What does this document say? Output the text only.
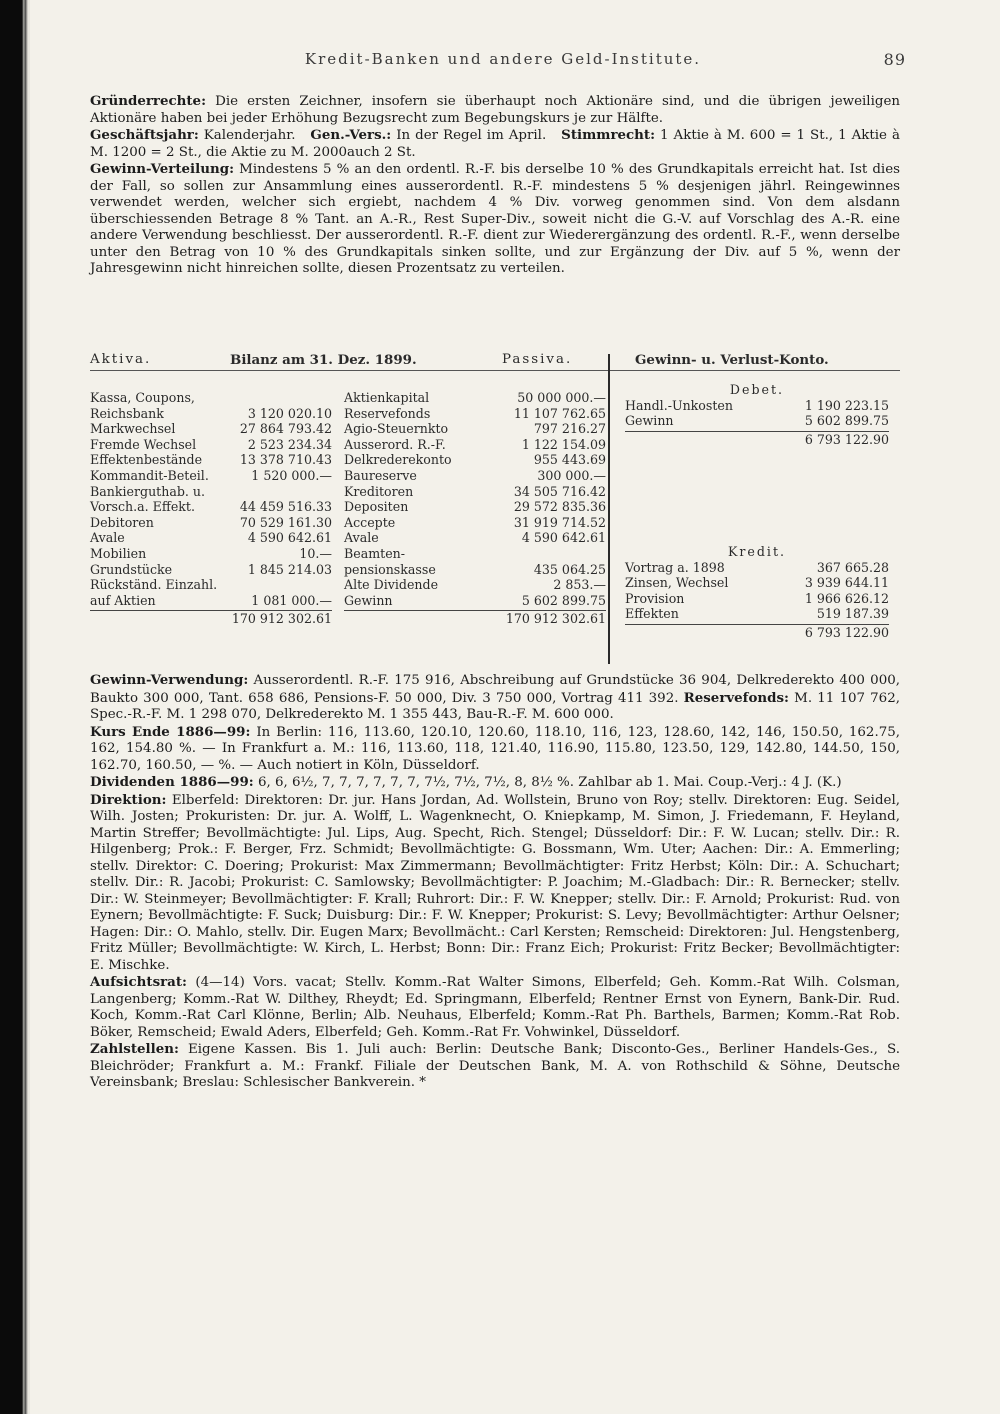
Kredit-Banken und andere Geld-Institute.	89

Gründerrechte: Die ersten Zeichner, insofern sie überhaupt noch Aktionäre sind, und die übrigen jeweiligen Aktionäre haben bei jeder Erhöhung Bezugsrecht zum Begebungskurs je zur Hälfte.

Geschäftsjahr: Kalenderjahr. Gen.-Vers.: In der Regel im April. Stimmrecht: 1 Aktie à M. 600 = 1 St., 1 Aktie à M. 1200 = 2 St., die Aktie zu M. 2000auch 2 St.

Gewinn-Verteilung: Mindestens 5 % an den ordentl. R.-F. bis derselbe 10 % des Grundkapitals erreicht hat. Ist dies der Fall, so sollen zur Ansammlung eines ausserordentl. R.-F. mindestens 5 % desjenigen jährl. Reingewinnes verwendet werden, welcher sich ergiebt, nachdem 4 % Div. vorweg genommen sind. Von dem alsdann überschiessenden Betrage 8 % Tant. an A.-R., Rest Super-Div., soweit nicht die G.-V. auf Vorschlag des A.-R. eine andere Verwendung beschliesst. Der ausserordentl. R.-F. dient zur Wiederergänzung des ordentl. R.-F., wenn derselbe unter den Betrag von 10 % des Grundkapitals sinken sollte, und zur Ergänzung der Div. auf 5 %, wenn der Jahresgewinn nicht hinreichen sollte, diesen Prozentsatz zu verteilen.

Aktiva.	Bilanz am 31. Dez. 1899.	Passiva.	Gewinn- u. Verlust-Konto.
Kassa, Coupons,
Reichsbank	3 120 020.10
Markwechsel	27 864 793.42
Fremde Wechsel	2 523 234.34
Effektenbestände	13 378 710.43
Kommandit-Beteil.	1 520 000.—
Bankierguthab. u.
Vorsch.a. Effekt.	44 459 516.33
Debitoren	70 529 161.30
Avale	4 590 642.61
Mobilien	10.—
Grundstücke	1 845 214.03
Rückständ. Einzahl.
auf Aktien	1 081 000.—
170 912 302.61
Aktienkapital	50 000 000.—
Reservefonds	11 107 762.65
Agio-Steuernkto	797 216.27
Ausserord. R.-F.	1 122 154.09
Delkrederekonto	955 443.69
Baureserve	300 000.—
Kreditoren	34 505 716.42
Depositen	29 572 835.36
Accepte	31 919 714.52
Avale	4 590 642.61
Beamten-
pensionskasse	435 064.25
Alte Dividende	2 853.—
Gewinn	5 602 899.75
170 912 302.61
Debet.
Handl.-Unkosten	1 190 223.15
Gewinn	5 602 899.75
6 793 122.90
Kredit.
Vortrag a. 1898	367 665.28
Zinsen, Wechsel	3 939 644.11
Provision	1 966 626.12
Effekten	519 187.39
6 793 122.90

Gewinn-Verwendung: Ausserordentl. R.-F. 175 916, Abschreibung auf Grundstücke 36 904, Delkrederekto 400 000, Baukto 300 000, Tant. 658 686, Pensions-F. 50 000, Div. 3 750 000, Vortrag 411 392. Reservefonds: M. 11 107 762, Spec.-R.-F. M. 1 298 070, Delkrederekto M. 1 355 443, Bau-R.-F. M. 600 000.

Kurs Ende 1886—99: In Berlin: 116, 113.60, 120.10, 120.60, 118.10, 116, 123, 128.60, 142, 146, 150.50, 162.75, 162, 154.80 %. — In Frankfurt a. M.: 116, 113.60, 118, 121.40, 116.90, 115.80, 123.50, 129, 142.80, 144.50, 150, 162.70, 160.50, — %. — Auch notiert in Köln, Düsseldorf.

Dividenden 1886—99: 6, 6, 6½, 7, 7, 7, 7, 7, 7, 7½, 7½, 7½, 8, 8½ %. Zahlbar ab 1. Mai. Coup.-Verj.: 4 J. (K.)

Direktion: Elberfeld: Direktoren: Dr. jur. Hans Jordan, Ad. Wollstein, Bruno von Roy; stellv. Direktoren: Eug. Seidel, Wilh. Josten; Prokuristen: Dr. jur. A. Wolff, L. Wagenknecht, O. Kniepkamp, M. Simon, J. Friedemann, F. Heyland, Martin Streffer; Bevollmächtigte: Jul. Lips, Aug. Specht, Rich. Stengel; Düsseldorf: Dir.: F. W. Lucan; stellv. Dir.: R. Hilgenberg; Prok.: F. Berger, Frz. Schmidt; Bevollmächtigte: G. Bossmann, Wm. Uter; Aachen: Dir.: A. Emmerling; stellv. Direktor: C. Doering; Prokurist: Max Zimmermann; Bevollmächtigter: Fritz Herbst; Köln: Dir.: A. Schuchart; stellv. Dir.: R. Jacobi; Prokurist: C. Samlowsky; Bevollmächtigter: P. Joachim; M.-Gladbach: Dir.: R. Bernecker; stellv. Dir.: W. Steinmeyer; Bevollmächtigter: F. Krall; Ruhrort: Dir.: F. W. Knepper; stellv. Dir.: F. Arnold; Prokurist: Rud. von Eynern; Bevollmächtigte: F. Suck; Duisburg: Dir.: F. W. Knepper; Prokurist: S. Levy; Bevollmächtigter: Arthur Oelsner; Hagen: Dir.: O. Mahlo, stellv. Dir. Eugen Marx; Bevollmächt.: Carl Kersten; Remscheid: Direktoren: Jul. Hengstenberg, Fritz Müller; Bevollmächtigte: W. Kirch, L. Herbst; Bonn: Dir.: Franz Eich; Prokurist: Fritz Becker; Bevollmächtigter: E. Mischke.

Aufsichtsrat: (4—14) Vors. vacat; Stellv. Komm.-Rat Walter Simons, Elberfeld; Geh. Komm.-Rat Wilh. Colsman, Langenberg; Komm.-Rat W. Dilthey, Rheydt; Ed. Springmann, Elberfeld; Rentner Ernst von Eynern, Bank-Dir. Rud. Koch, Komm.-Rat Carl Klönne, Berlin; Alb. Neuhaus, Elberfeld; Komm.-Rat Ph. Barthels, Barmen; Komm.-Rat Rob. Böker, Remscheid; Ewald Aders, Elberfeld; Geh. Komm.-Rat Fr. Vohwinkel, Düsseldorf.

Zahlstellen: Eigene Kassen. Bis 1. Juli auch: Berlin: Deutsche Bank; Disconto-Ges., Berliner Handels-Ges., S. Bleichröder; Frankfurt a. M.: Frankf. Filiale der Deutschen Bank, M. A. von Rothschild & Söhne, Deutsche Vereinsbank; Breslau: Schlesischer Bankverein. *
